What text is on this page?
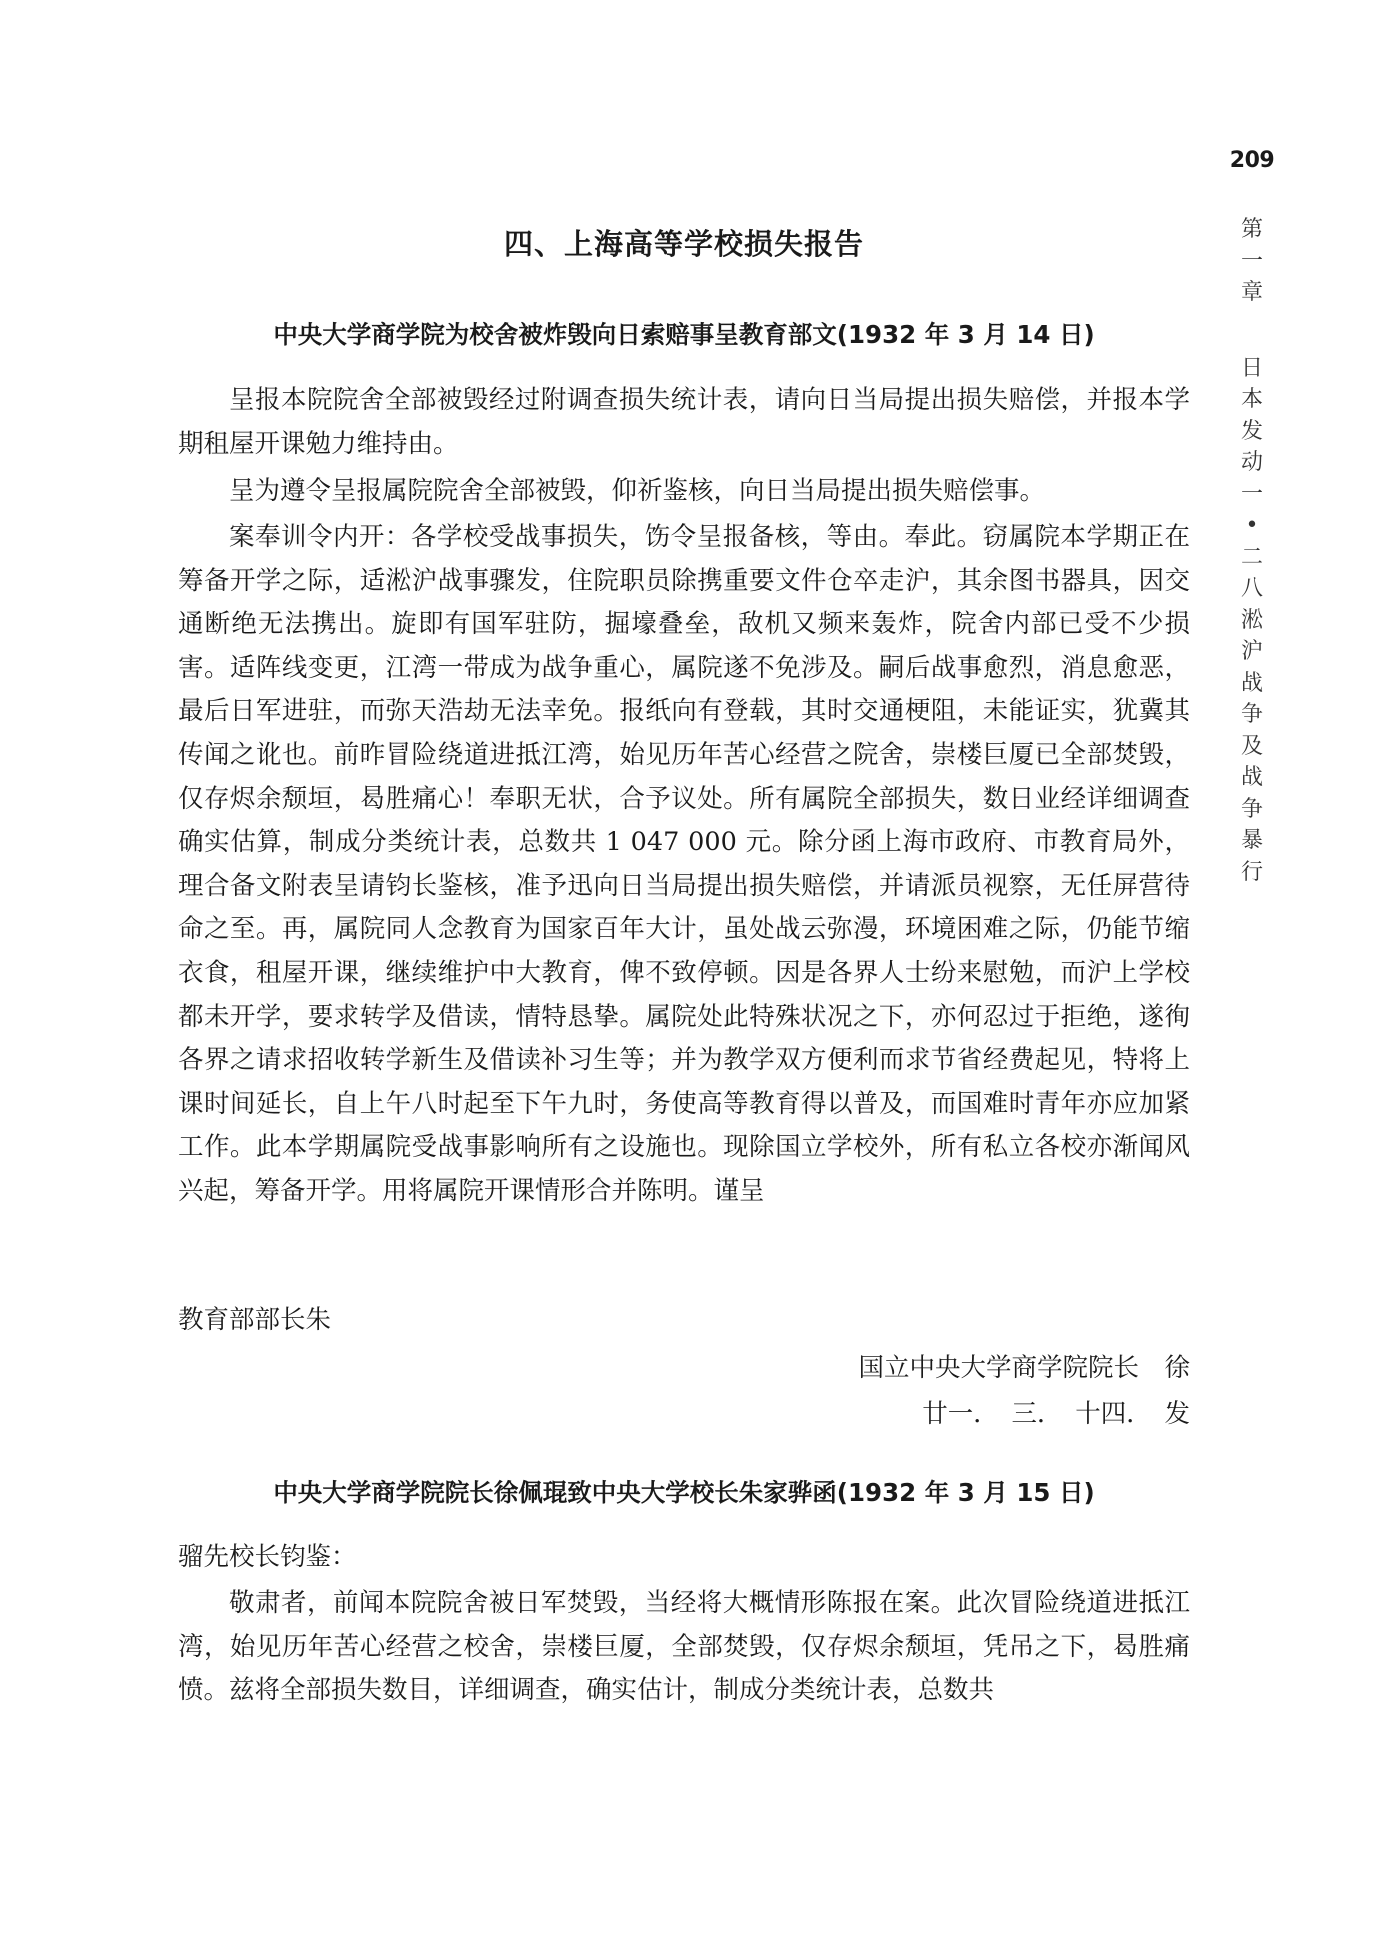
209
第
一
章
日
本
发
动
一
•
二
八
淞
沪
战
争
及
战
争
暴
行
四、上海高等学校损失报告
中央大学商学院为校舍被炸毁向日索赔事呈教育部文(1932 年 3 月 14 日)

呈报本院院舍全部被毁经过附调查损失统计表，请向日当局提出损失赔偿，并报本学期租屋开课勉力维持由。

呈为遵令呈报属院院舍全部被毁，仰祈鉴核，向日当局提出损失赔偿事。

案奉训令内开：各学校受战事损失，饬令呈报备核，等由。奉此。窃属院本学期正在筹备开学之际，适淞沪战事骤发，住院职员除携重要文件仓卒走沪，其余图书器具，因交通断绝无法携出。旋即有国军驻防，掘壕叠垒，敌机又频来轰炸，院舍内部已受不少损害。适阵线变更，江湾一带成为战争重心，属院遂不免涉及。嗣后战事愈烈，消息愈恶，最后日军进驻，而弥天浩劫无法幸免。报纸向有登载，其时交通梗阻，未能证实，犹冀其传闻之讹也。前昨冒险绕道进抵江湾，始见历年苦心经营之院舍，崇楼巨厦已全部焚毁，仅存烬余颓垣，曷胜痛心！奉职无状，合予议处。所有属院全部损失，数日业经详细调查确实估算，制成分类统计表，总数共 1 047 000 元。除分函上海市政府、市教育局外，理合备文附表呈请钧长鉴核，准予迅向日当局提出损失赔偿，并请派员视察，无任屏营待命之至。再，属院同人念教育为国家百年大计，虽处战云弥漫，环境困难之际，仍能节缩衣食，租屋开课，继续维护中大教育，俾不致停顿。因是各界人士纷来慰勉，而沪上学校都未开学，要求转学及借读，情特恳挚。属院处此特殊状况之下，亦何忍过于拒绝，遂徇各界之请求招收转学新生及借读补习生等；并为教学双方便利而求节省经费起见，特将上课时间延长，自上午八时起至下午九时，务使高等教育得以普及，而国难时青年亦应加紧工作。此本学期属院受战事影响所有之设施也。现除国立学校外，所有私立各校亦渐闻风兴起，筹备开学。用将属院开课情形合并陈明。谨呈

教育部部长朱
国立中央大学商学院院长　徐
廿一．　三．　十四．　发
中央大学商学院院长徐佩琨致中央大学校长朱家骅函(1932 年 3 月 15 日)
骝先校长钧鉴：

敬肃者，前闻本院院舍被日军焚毁，当经将大概情形陈报在案。此次冒险绕道进抵江湾，始见历年苦心经营之校舍，崇楼巨厦，全部焚毁，仅存烬余颓垣，凭吊之下，曷胜痛愤。兹将全部损失数目，详细调查，确实估计，制成分类统计表，总数共
